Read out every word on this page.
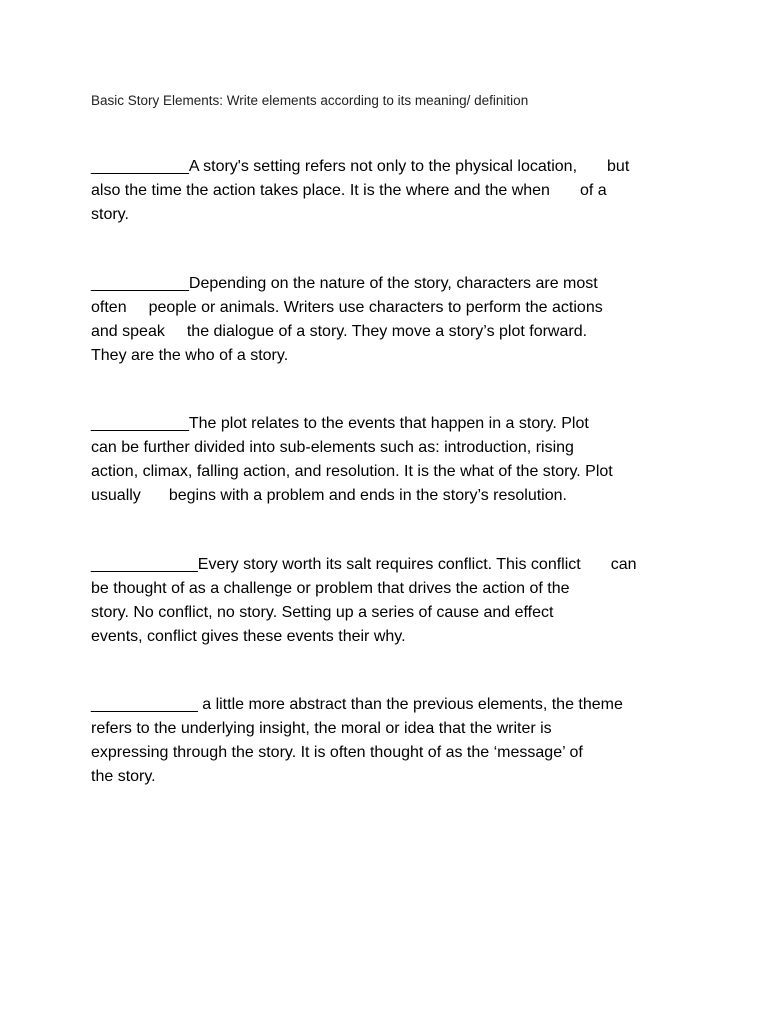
Basic Story Elements: Write elements according to its meaning/ definition
___________A story's setting refers not only to the physical location, but
also the time the action takes place. It is the where and the when of a
story.
___________Depending on the nature of the story, characters are most
often people or animals. Writers use characters to perform the actions
and speak the dialogue of a story. They move a story’s plot forward.
They are the who of a story.
___________The plot relates to the events that happen in a story. Plot
can be further divided into sub-elements such as: introduction, rising
action, climax, falling action, and resolution. It is the what of the story. Plot
usually begins with a problem and ends in the story’s resolution.
____________Every story worth its salt requires conflict. This conflict can
be thought of as a challenge or problem that drives the action of the
story. No conflict, no story. Setting up a series of cause and effect
events, conflict gives these events their why.
____________ a little more abstract than the previous elements, the theme
refers to the underlying insight, the moral or idea that the writer is
expressing through the story. It is often thought of as the ‘message’ of
the story.
